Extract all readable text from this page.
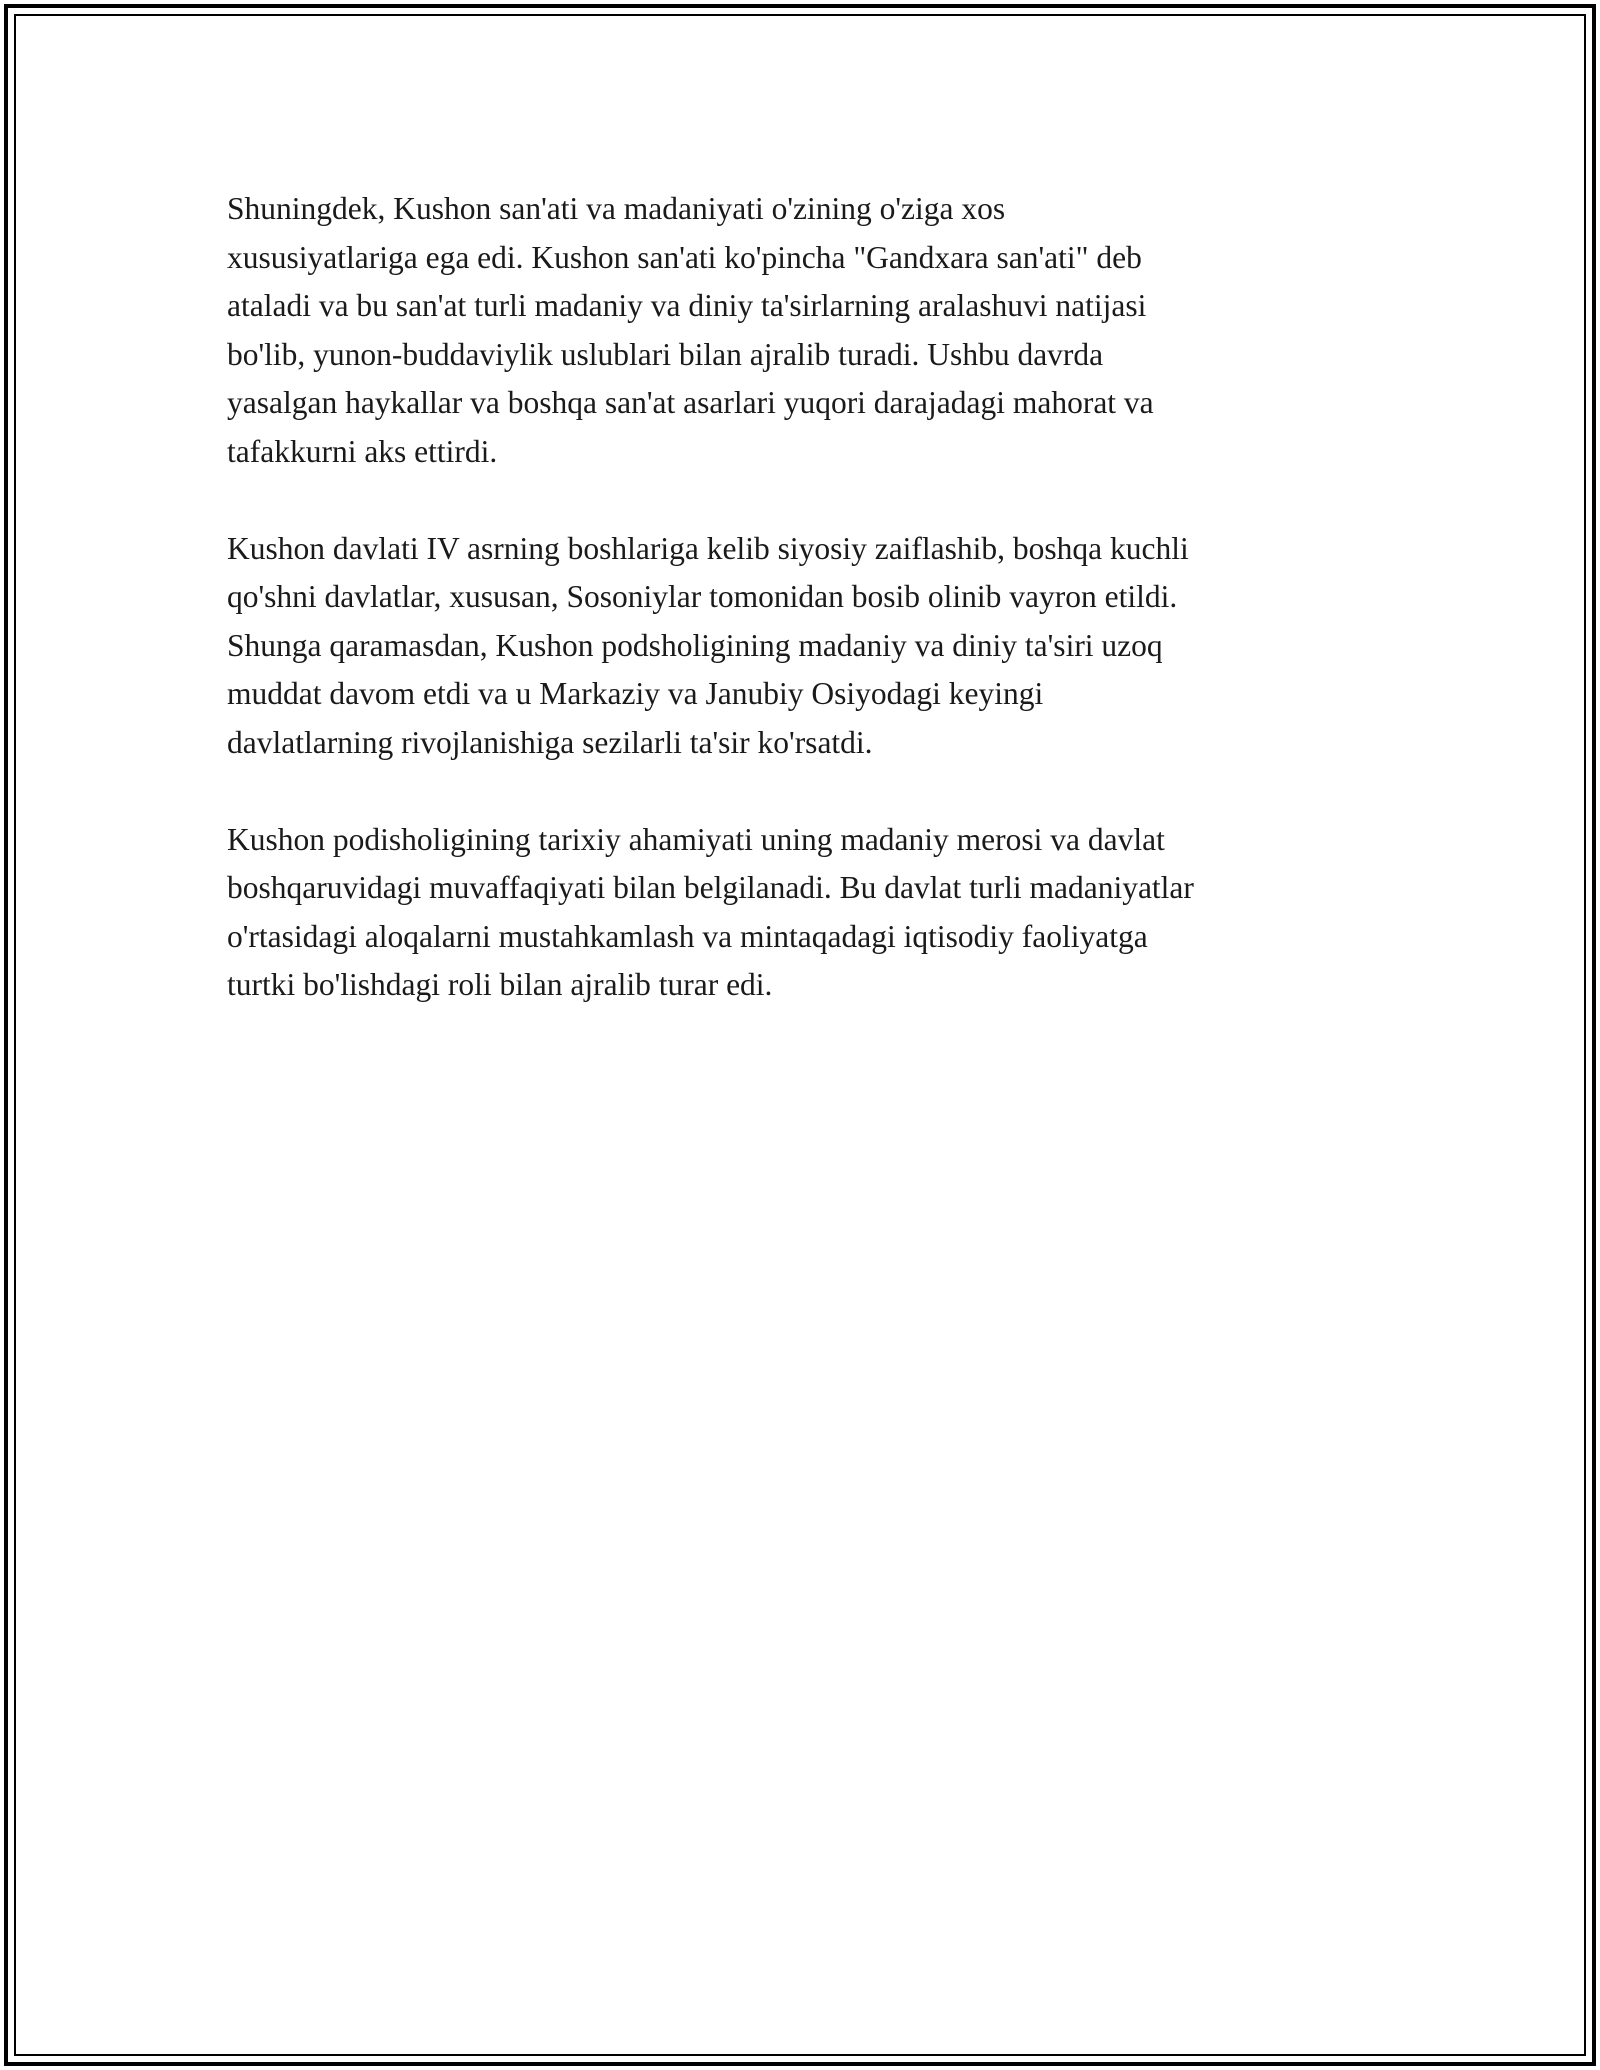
Shuningdek, Kushon san'ati va madaniyati o'zining o'ziga xos
xususiyatlariga ega edi. Kushon san'ati ko'pincha "Gandxara san'ati" deb
ataladi va bu san'at turli madaniy va diniy ta'sirlarning aralashuvi natijasi
bo'lib, yunon-buddaviylik uslublari bilan ajralib turadi. Ushbu davrda
yasalgan haykallar va boshqa san'at asarlari yuqori darajadagi mahorat va
tafakkurni aks ettirdi.

Kushon davlati IV asrning boshlariga kelib siyosiy zaiflashib, boshqa kuchli
qo'shni davlatlar, xususan, Sosoniylar tomonidan bosib olinib vayron etildi.
Shunga qaramasdan, Kushon podsholigining madaniy va diniy ta'siri uzoq
muddat davom etdi va u Markaziy va Janubiy Osiyodagi keyingi
davlatlarning rivojlanishiga sezilarli ta'sir ko'rsatdi.

Kushon podisholigining tarixiy ahamiyati uning madaniy merosi va davlat
boshqaruvidagi muvaffaqiyati bilan belgilanadi. Bu davlat turli madaniyatlar
o'rtasidagi aloqalarni mustahkamlash va mintaqadagi iqtisodiy faoliyatga
turtki bo'lishdagi roli bilan ajralib turar edi.
